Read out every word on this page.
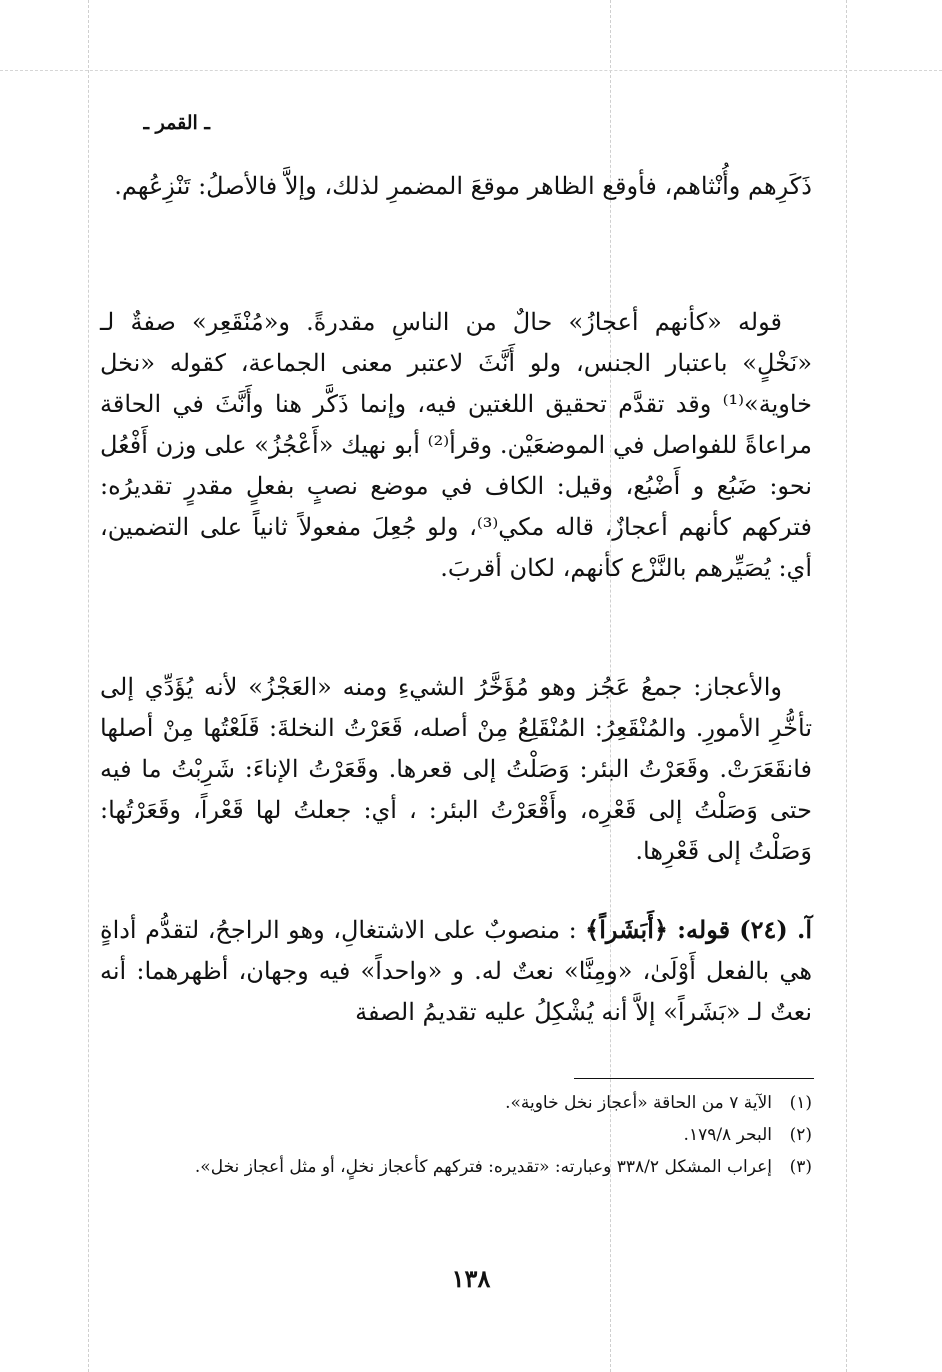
ـ القمر ـ

ذَكَرِهم وأُنْثاهم، فأوقع الظاهر موقعَ المضمرِ لذلك، وإلاَّ فالأصلُ: تَنْزِعُهم.

قوله «كأنهم أعجازُ» حالٌ من الناسِ مقدرةً. و«مُنْقَعِر» صفةٌ لـ «نَخْلٍ» باعتبار الجنس، ولو أَنَّثَ لاعتبر معنى الجماعة، كقوله «نخل خاوية»⁽¹⁾ وقد تقدَّم تحقيق اللغتين فيه، وإنما ذَكَّر هنا وأَنَّثَ في الحاقة مراعاةً للفواصل في الموضعَيْن. وقرأ⁽²⁾ أبو نهيك «أَعْجُزُ» على وزن أَفْعُل نحو: ضَبُع و أَضْبُع، وقيل: الكاف في موضع نصبٍ بفعلٍ مقدرٍ تقديرُه: فتركهم كأنهم أعجازٌ، قاله مكي⁽³⁾، ولو جُعِلَ مفعولاً ثانياً على التضمين، أي: يُصَيِّرهم بالنَّزْع كأنهم، لكان أقربَ.

والأعجاز: جمعُ عَجُز وهو مُؤَخَّرُ الشيءِ ومنه «العَجْزُ» لأنه يُؤَدِّي إلى تأخُّرِ الأمورِ. والمُنْقَعِرُ: المُنْقَلِعُ مِنْ أصله، قَعَرْتُ النخلةَ: قَلَعْتُها مِنْ أصلها فانقَعَرَتْ. وقَعَرْتُ البئر: وَصَلْتُ إلى قعرها. وقَعَرْتُ الإناءَ: شَرِبْتُ ما فيه حتى وَصَلْتُ إلى قَعْرِه، وأَقْعَرْتُ البئر: ، أي: جعلتُ لها قَعْراً، وقَعَرْتُها: وَصَلْتُ إلى قَعْرِها.

آ. (٢٤) قوله: ﴿أَبَشَراً﴾ : منصوبٌ على الاشتغالِ، وهو الراجحُ، لتقدُّم أداةٍ هي بالفعل أَوْلَىٰ، «ومِنَّا» نعتٌ له. و «واحداً» فيه وجهان، أظهرهما: أنه نعتٌ لـ «بَشَراً» إلاَّ أنه يُشْكِلُ عليه تقديمُ الصفة

(١)
الآية ٧ من الحاقة «أعجاز نخل خاوية».
(٢)
البحر ١٧٩/٨.
(٣)
إعراب المشكل ٣٣٨/٢ وعبارته: «تقديره: فتركهم كأعجاز نخلٍ، أو مثل أعجاز نخل».
١٣٨
